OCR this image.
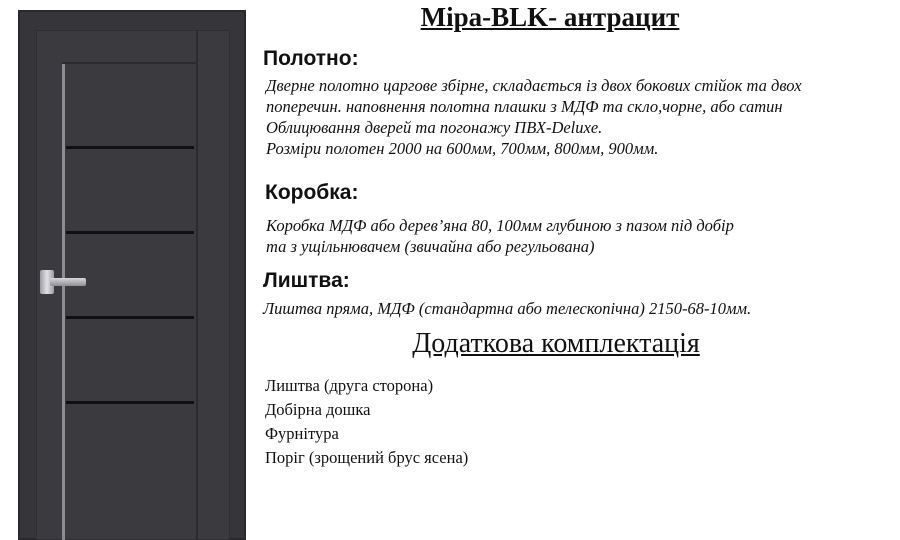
Міра-BLK- антрацит
Полотно:
Дверне полотно царгове збірне, складається із двох бокових стійок та двох
поперечин. наповнення полотна плашки з МДФ та скло,чорне, або сатин
Облицювання дверей та погонажу ПВХ-Deluxe.
Розміри полотен 2000 на 600мм, 700мм, 800мм, 900мм.
Коробка:
Коробка МДФ або дерев’яна 80, 100мм глубиною з пазом під добір
та з ущільнювачем (звичайна або регульована)
Лиштва:
Лиштва пряма, МДФ (стандартна або телескопічна) 2150-68-10мм.
Додаткова комплектація
Лиштва (друга сторона)
Добірна дошка
Фурнітура
Поріг (зрощений брус ясена)
